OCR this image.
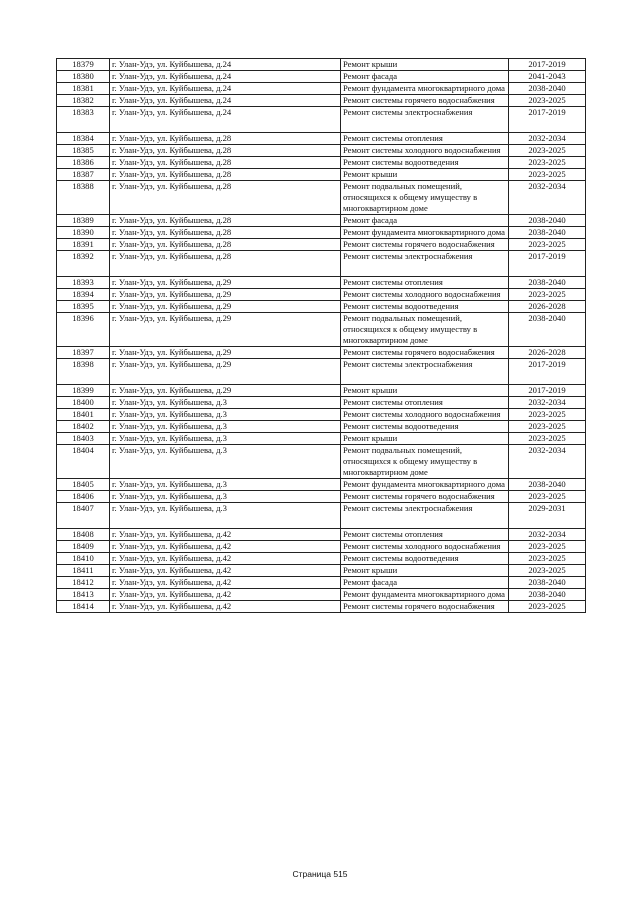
18379	г. Улан-Удэ, ул. Куйбышева, д.24	Ремонт крыши	2017-2019
18380	г. Улан-Удэ, ул. Куйбышева, д.24	Ремонт фасада	2041-2043
18381	г. Улан-Удэ, ул. Куйбышева, д.24	Ремонт фундамента многоквартирного дома	2038-2040
18382	г. Улан-Удэ, ул. Куйбышева, д.24	Ремонт системы горячего водоснабжения	2023-2025
18383	г. Улан-Удэ, ул. Куйбышева, д.24	Ремонт системы электроснабжения	2017-2019
18384	г. Улан-Удэ, ул. Куйбышева, д.28	Ремонт системы отопления	2032-2034
18385	г. Улан-Удэ, ул. Куйбышева, д.28	Ремонт системы холодного водоснабжения	2023-2025
18386	г. Улан-Удэ, ул. Куйбышева, д.28	Ремонт системы водоотведения	2023-2025
18387	г. Улан-Удэ, ул. Куйбышева, д.28	Ремонт крыши	2023-2025
18388	г. Улан-Удэ, ул. Куйбышева, д.28	Ремонт подвальных помещений, относящихся к общему имуществу в многоквартирном доме	2032-2034
18389	г. Улан-Удэ, ул. Куйбышева, д.28	Ремонт фасада	2038-2040
18390	г. Улан-Удэ, ул. Куйбышева, д.28	Ремонт фундамента многоквартирного дома	2038-2040
18391	г. Улан-Удэ, ул. Куйбышева, д.28	Ремонт системы горячего водоснабжения	2023-2025
18392	г. Улан-Удэ, ул. Куйбышева, д.28	Ремонт системы электроснабжения	2017-2019
18393	г. Улан-Удэ, ул. Куйбышева, д.29	Ремонт системы отопления	2038-2040
18394	г. Улан-Удэ, ул. Куйбышева, д.29	Ремонт системы холодного водоснабжения	2023-2025
18395	г. Улан-Удэ, ул. Куйбышева, д.29	Ремонт системы водоотведения	2026-2028
18396	г. Улан-Удэ, ул. Куйбышева, д.29	Ремонт подвальных помещений, относящихся к общему имуществу в многоквартирном доме	2038-2040
18397	г. Улан-Удэ, ул. Куйбышева, д.29	Ремонт системы горячего водоснабжения	2026-2028
18398	г. Улан-Удэ, ул. Куйбышева, д.29	Ремонт системы электроснабжения	2017-2019
18399	г. Улан-Удэ, ул. Куйбышева, д.29	Ремонт крыши	2017-2019
18400	г. Улан-Удэ, ул. Куйбышева, д.3	Ремонт системы отопления	2032-2034
18401	г. Улан-Удэ, ул. Куйбышева, д.3	Ремонт системы холодного водоснабжения	2023-2025
18402	г. Улан-Удэ, ул. Куйбышева, д.3	Ремонт системы водоотведения	2023-2025
18403	г. Улан-Удэ, ул. Куйбышева, д.3	Ремонт крыши	2023-2025
18404	г. Улан-Удэ, ул. Куйбышева, д.3	Ремонт подвальных помещений, относящихся к общему имуществу в многоквартирном доме	2032-2034
18405	г. Улан-Удэ, ул. Куйбышева, д.3	Ремонт фундамента многоквартирного дома	2038-2040
18406	г. Улан-Удэ, ул. Куйбышева, д.3	Ремонт системы горячего водоснабжения	2023-2025
18407	г. Улан-Удэ, ул. Куйбышева, д.3	Ремонт системы электроснабжения	2029-2031
18408	г. Улан-Удэ, ул. Куйбышева, д.42	Ремонт системы отопления	2032-2034
18409	г. Улан-Удэ, ул. Куйбышева, д.42	Ремонт системы холодного водоснабжения	2023-2025
18410	г. Улан-Удэ, ул. Куйбышева, д.42	Ремонт системы водоотведения	2023-2025
18411	г. Улан-Удэ, ул. Куйбышева, д.42	Ремонт крыши	2023-2025
18412	г. Улан-Удэ, ул. Куйбышева, д.42	Ремонт фасада	2038-2040
18413	г. Улан-Удэ, ул. Куйбышева, д.42	Ремонт фундамента многоквартирного дома	2038-2040
18414	г. Улан-Удэ, ул. Куйбышева, д.42	Ремонт системы горячего водоснабжения	2023-2025
Страница 515
